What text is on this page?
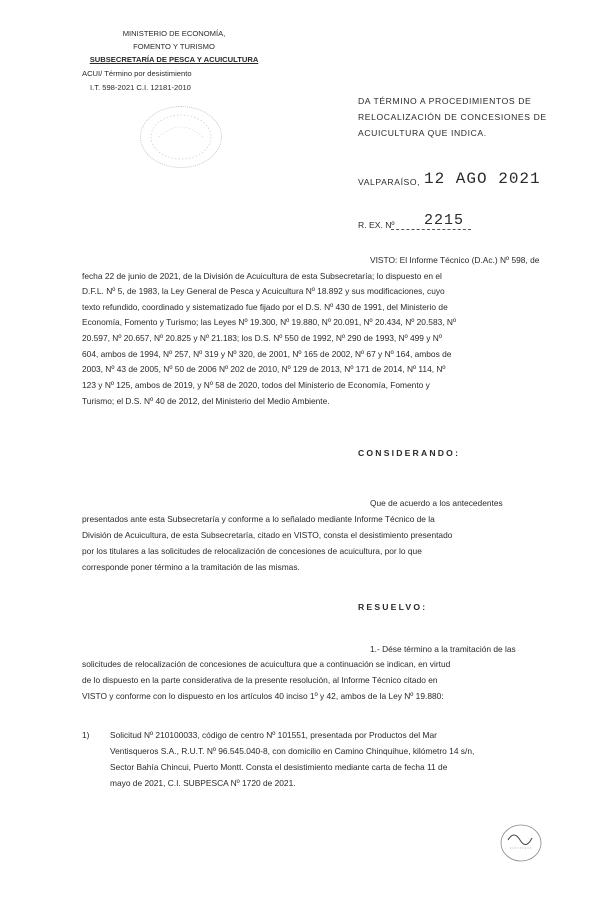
MINISTERIO DE ECONOMÍA,
FOMENTO Y TURISMO
SUBSECRETARÍA DE PESCA Y ACUICULTURA
ACUI/ Término por desistimiento
I.T. 598-2021 C.I. 12181-2010
DA TÉRMINO A PROCEDIMIENTOS DE
RELOCALIZACIÓN DE CONCESIONES DE
ACUICULTURA QUE INDICA.
VALPARAÍSO, 12 AGO 2021
R. EX. Nº 2215
VISTO: El Informe Técnico (D.Ac.) Nº 598, de
fecha 22 de junio de 2021, de la División de Acuicultura de esta Subsecretaría; lo dispuesto en el
D.F.L. Nº 5, de 1983, la Ley General de Pesca y Acuicultura Nº 18.892 y sus modificaciones, cuyo
texto refundido, coordinado y sistematizado fue fijado por el D.S. Nº 430 de 1991, del Ministerio de
Economía, Fomento y Turismo; las Leyes Nº 19.300, Nº 19.880, Nº 20.091, Nº 20.434, Nº 20.583, Nº
20.597, Nº 20.657, Nº 20.825 y Nº 21.183; los D.S. Nº 550 de 1992, Nº 290 de 1993, Nº 499 y Nº
604, ambos de 1994, Nº 257, Nº 319 y Nº 320, de 2001, Nº 165 de 2002, Nº 67 y Nº 164, ambos de
2003, Nº 43 de 2005, Nº 50 de 2006 Nº 202 de 2010, Nº 129 de 2013, Nº 171 de 2014, Nº 114, Nº
123 y Nº 125, ambos de 2019, y Nº 58 de 2020, todos del Ministerio de Economía, Fomento y
Turismo; el D.S. Nº 40 de 2012, del Ministerio del Medio Ambiente.
CONSIDERANDO:
Que de acuerdo a los antecedentes
presentados ante esta Subsecretaría y conforme a lo señalado mediante Informe Técnico de la
División de Acuicultura, de esta Subsecretaría, citado en VISTO, consta el desistimiento presentado
por los titulares a las solicitudes de relocalización de concesiones de acuicultura, por lo que
corresponde poner término a la tramitación de las mismas.
RESUELVO:
1.- Dése término a la tramitación de las
solicitudes de relocalización de concesiones de acuicultura que a continuación se indican, en virtud
de lo dispuesto en la parte considerativa de la presente resolución, al Informe Técnico citado en
VISTO y conforme con lo dispuesto en los artículos 40 inciso 1º y 42, ambos de la Ley Nº 19.880:
1) Solicitud Nº 210100033, código de centro Nº 101551, presentada por Productos del Mar
Ventisqueros S.A., R.U.T. Nº 96.545.040-8, con domicilio en Camino Chinquihue, kilómetro 14 s/n,
Sector Bahía Chincui, Puerto Montt. Consta el desistimiento mediante carta de fecha 11 de
mayo de 2021, C.I. SUBPESCA Nº 1720 de 2021.
